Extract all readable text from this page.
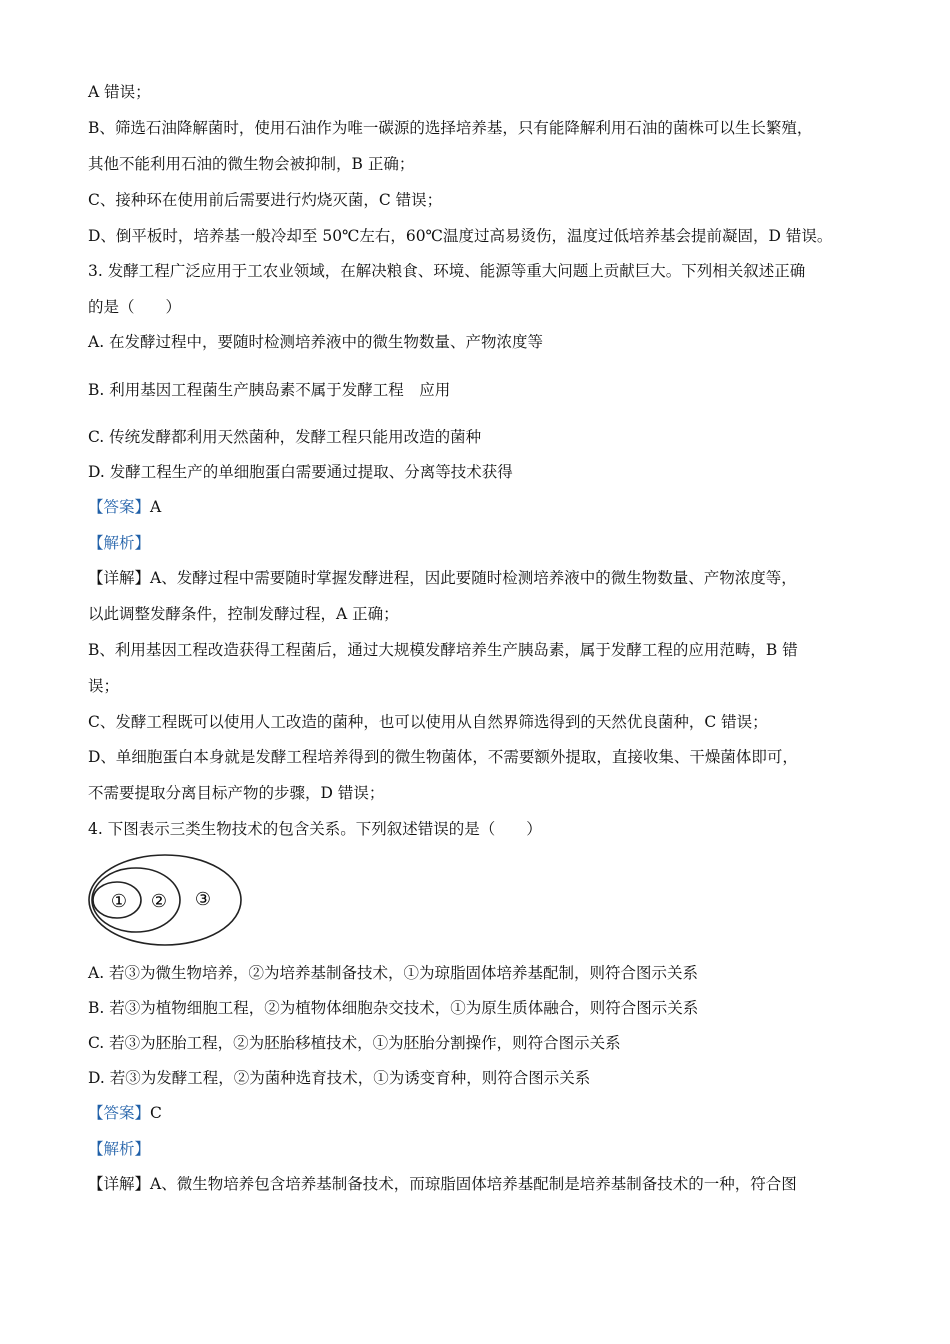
A 错误；
B、筛选石油降解菌时，使用石油作为唯一碳源的选择培养基，只有能降解利用石油的菌株可以生长繁殖，
其他不能利用石油的微生物会被抑制，B 正确；
C、接种环在使用前后需要进行灼烧灭菌，C 错误；
D、倒平板时，培养基一般冷却至 50℃左右，60℃温度过高易烫伤，温度过低培养基会提前凝固，D 错误。
3. 发酵工程广泛应用于工农业领域，在解决粮食、环境、能源等重大问题上贡献巨大。下列相关叙述正确
的是（　　）
A. 在发酵过程中，要随时检测培养液中的微生物数量、产物浓度等
B. 利用基因工程菌生产胰岛素不属于发酵工程　应用
C. 传统发酵都利用天然菌种，发酵工程只能用改造的菌种
D. 发酵工程生产的单细胞蛋白需要通过提取、分离等技术获得
【答案】A
【解析】
【详解】A、发酵过程中需要随时掌握发酵进程，因此要随时检测培养液中的微生物数量、产物浓度等，
以此调整发酵条件，控制发酵过程，A 正确；
B、利用基因工程改造获得工程菌后，通过大规模发酵培养生产胰岛素，属于发酵工程的应用范畴，B 错
误；
C、发酵工程既可以使用人工改造的菌种，也可以使用从自然界筛选得到的天然优良菌种，C 错误；
D、单细胞蛋白本身就是发酵工程培养得到的微生物菌体，不需要额外提取，直接收集、干燥菌体即可，
不需要提取分离目标产物的步骤，D 错误；
4. 下图表示三类生物技术的包含关系。下列叙述错误的是（　　）
① ② ③
A. 若③为微生物培养，②为培养基制备技术，①为琼脂固体培养基配制，则符合图示关系
B. 若③为植物细胞工程，②为植物体细胞杂交技术，①为原生质体融合，则符合图示关系
C. 若③为胚胎工程，②为胚胎移植技术，①为胚胎分割操作，则符合图示关系
D. 若③为发酵工程，②为菌种选育技术，①为诱变育种，则符合图示关系
【答案】C
【解析】
【详解】A、微生物培养包含培养基制备技术，而琼脂固体培养基配制是培养基制备技术的一种，符合图
